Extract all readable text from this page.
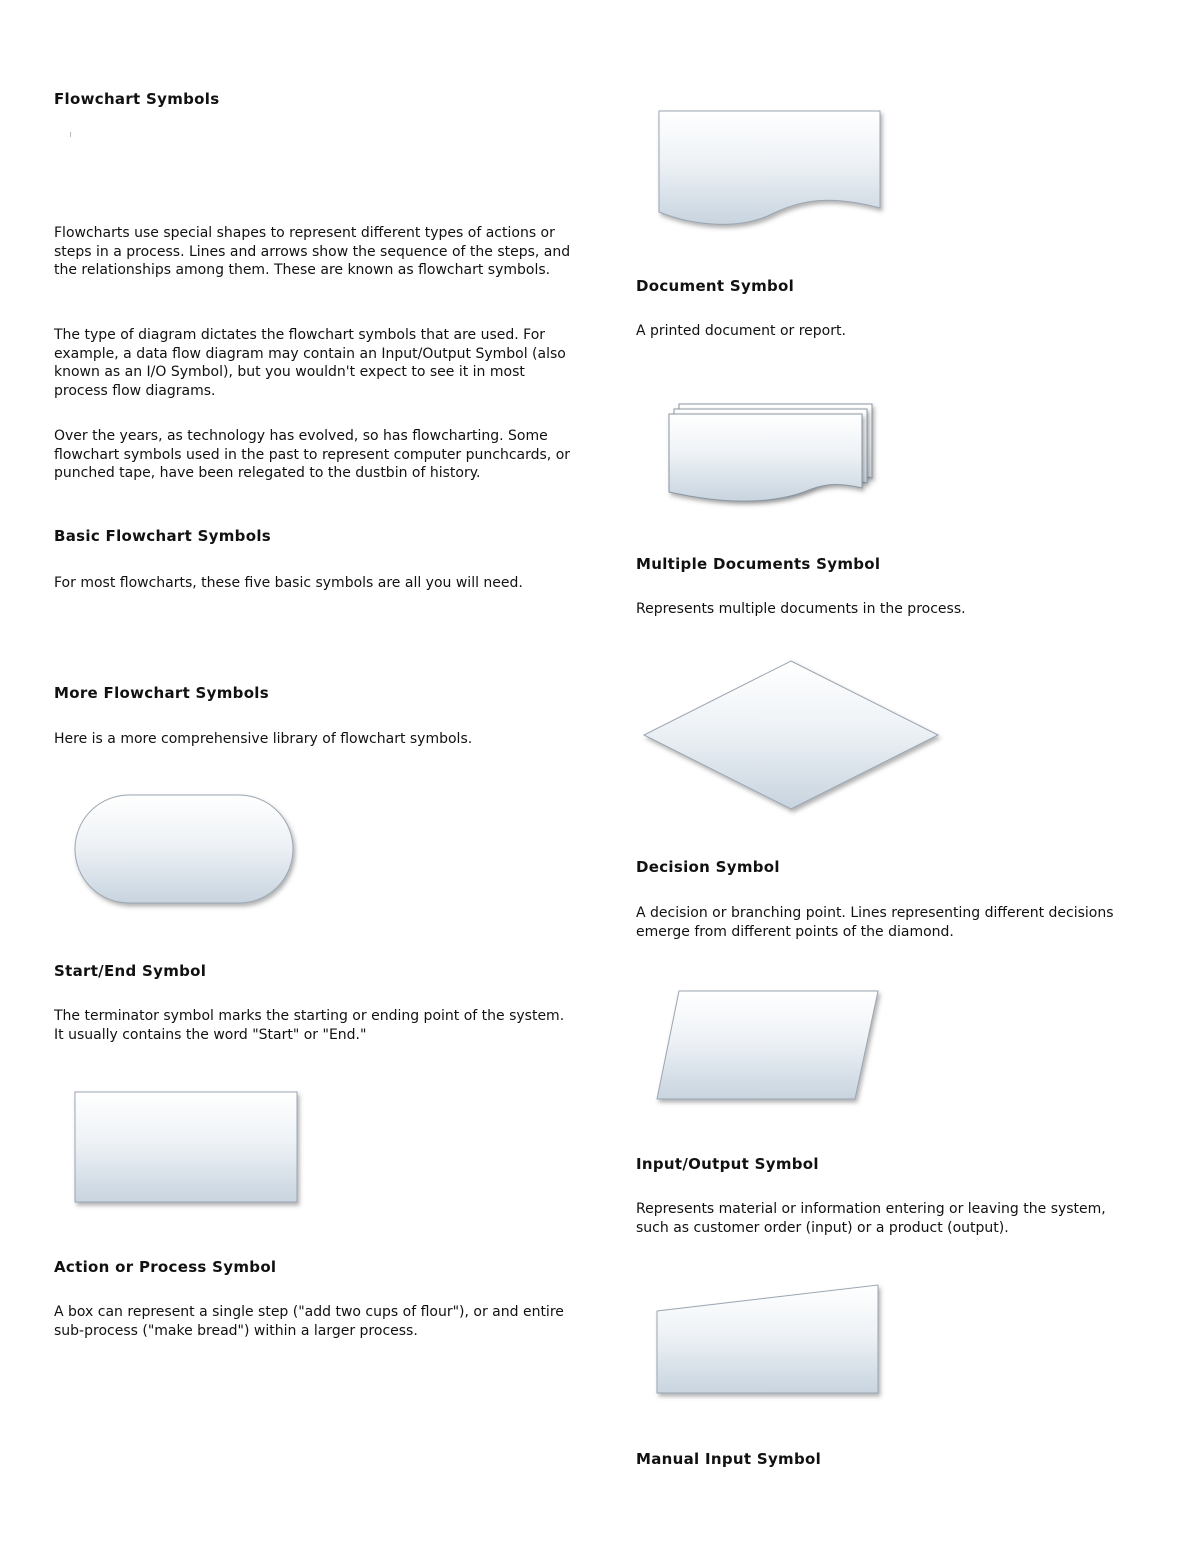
Flowchart Symbols

Flowcharts use special shapes to represent different types of actions or steps in a process. Lines and arrows show the sequence of the steps, and the relationships among them. These are known as flowchart symbols.

The type of diagram dictates the flowchart symbols that are used. For example, a data flow diagram may contain an Input/Output Symbol (also known as an I/O Symbol), but you wouldn't expect to see it in most process flow diagrams.

Over the years, as technology has evolved, so has flowcharting. Some flowchart symbols used in the past to represent computer punchcards, or punched tape, have been relegated to the dustbin of history.

Basic Flowchart Symbols

For most flowcharts, these five basic symbols are all you will need.

More Flowchart Symbols

Here is a more comprehensive library of flowchart symbols.

Start/End Symbol

The terminator symbol marks the starting or ending point of the system. It usually contains the word "Start" or "End."

Action or Process Symbol

A box can represent a single step ("add two cups of flour"), or and entire sub-process ("make bread") within a larger process.

Document Symbol

A printed document or report.

Multiple Documents Symbol

Represents multiple documents in the process.

Decision Symbol

A decision or branching point. Lines representing different decisions emerge from different points of the diamond.

Input/Output Symbol

Represents material or information entering or leaving the system, such as customer order (input) or a product (output).

Manual Input Symbol
